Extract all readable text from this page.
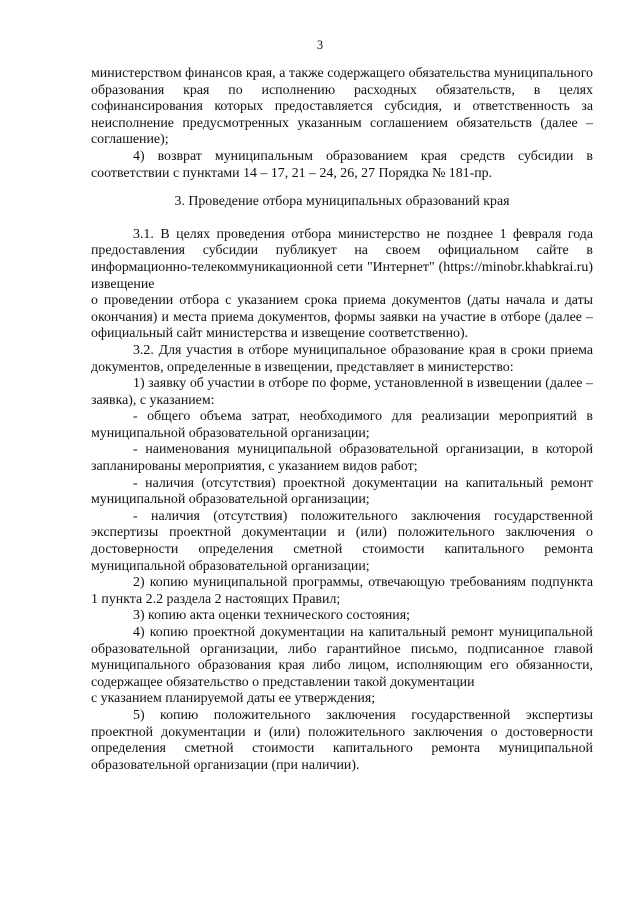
3

министерством финансов края, а также содержащего обязательства муниципального образования края по исполнению расходных обязательств, в целях софинансирования которых предоставляется субсидия, и ответственность за неисполнение предусмотренных указанным соглашением обязательств (далее – соглашение);

4) возврат муниципальным образованием края средств субсидии в соответствии с пунктами 14 – 17, 21 – 24, 26, 27 Порядка № 181-пр.

3. Проведение отбора муниципальных образований края

3.1. В целях проведения отбора министерство не позднее 1 февраля года предоставления субсидии публикует на своем официальном сайте в информационно-телекоммуникационной сети "Интернет" (https://minobr.khabkrai.ru) извещение

о проведении отбора с указанием срока приема документов (даты начала и даты окончания) и места приема документов, формы заявки на участие в отборе (далее – официальный сайт министерства и извещение соответственно).

3.2. Для участия в отборе муниципальное образование края в сроки приема документов, определенные в извещении, представляет в министерство:

1) заявку об участии в отборе по форме, установленной в извещении (далее – заявка), с указанием:

- общего объема затрат, необходимого для реализации мероприятий в муниципальной образовательной организации;

- наименования муниципальной образовательной организации, в которой запланированы мероприятия, с указанием видов работ;

- наличия (отсутствия) проектной документации на капитальный ремонт муниципальной образовательной организации;

- наличия (отсутствия) положительного заключения государственной экспертизы проектной документации и (или) положительного заключения о достоверности определения сметной стоимости капитального ремонта муниципальной образовательной организации;

2) копию муниципальной программы, отвечающую требованиям подпункта 1 пункта 2.2 раздела 2 настоящих Правил;

3) копию акта оценки технического состояния;

4) копию проектной документации на капитальный ремонт муниципальной образовательной организации, либо гарантийное письмо, подписанное главой муниципального образования края либо лицом, исполняющим его обязанности, содержащее обязательство о представлении такой документации

с указанием планируемой даты ее утверждения;

5) копию положительного заключения государственной экспертизы проектной документации и (или) положительного заключения о достоверности определения сметной стоимости капитального ремонта муниципальной образовательной организации (при наличии).
